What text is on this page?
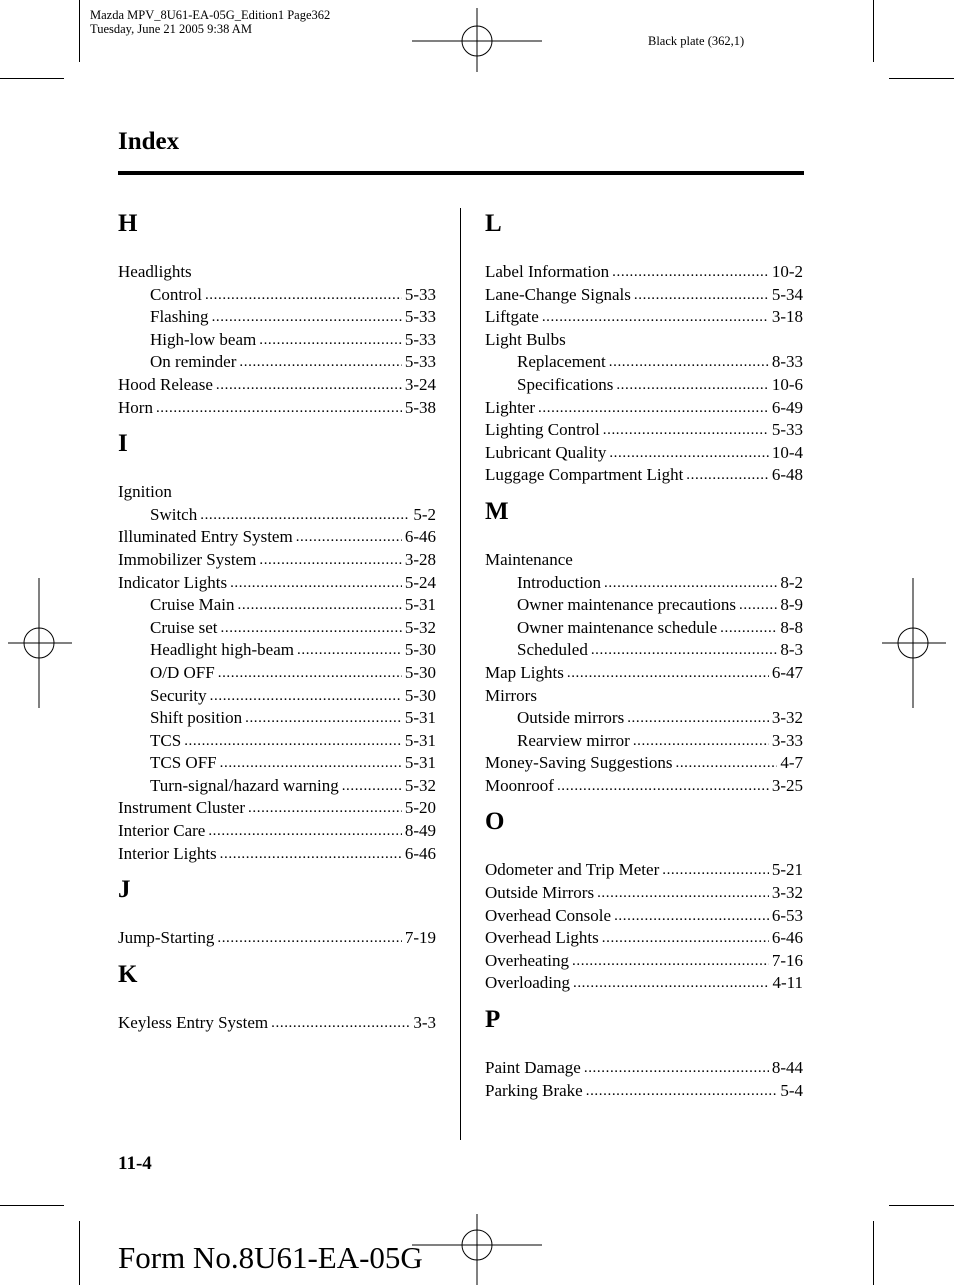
Mazda MPV_8U61-EA-05G_Edition1 Page362
Tuesday, June 21 2005 9:38 AM
Black plate (362,1)
Index
H
Headlights
Control .....	5-33
Flashing .....	5-33
High-low beam .....	5-33
On reminder .....	5-33
Hood Release .....	3-24
Horn .....	5-38
I
Ignition
Switch .....	5-2
Illuminated Entry System .....	6-46
Immobilizer System .....	3-28
Indicator Lights .....	5-24
Cruise Main .....	5-31
Cruise set .....	5-32
Headlight high-beam .....	5-30
O/D OFF .....	5-30
Security .....	5-30
Shift position .....	5-31
TCS .....	5-31
TCS OFF .....	5-31
Turn-signal/hazard warning .....	5-32
Instrument Cluster .....	5-20
Interior Care .....	8-49
Interior Lights .....	6-46
J
Jump-Starting .....	7-19
K
Keyless Entry System .....	3-3
L
Label Information .....	10-2
Lane-Change Signals .....	5-34
Liftgate .....	3-18
Light Bulbs
Replacement .....	8-33
Specifications .....	10-6
Lighter .....	6-49
Lighting Control .....	5-33
Lubricant Quality .....	10-4
Luggage Compartment Light .....	6-48
M
Maintenance
Introduction .....	8-2
Owner maintenance precautions .....	8-9
Owner maintenance schedule .....	8-8
Scheduled .....	8-3
Map Lights .....	6-47
Mirrors
Outside mirrors .....	3-32
Rearview mirror .....	3-33
Money-Saving Suggestions .....	4-7
Moonroof .....	3-25
O
Odometer and Trip Meter .....	5-21
Outside Mirrors .....	3-32
Overhead Console .....	6-53
Overhead Lights .....	6-46
Overheating .....	7-16
Overloading .....	4-11
P
Paint Damage .....	8-44
Parking Brake .....	5-4
11-4
Form No.8U61-EA-05G
